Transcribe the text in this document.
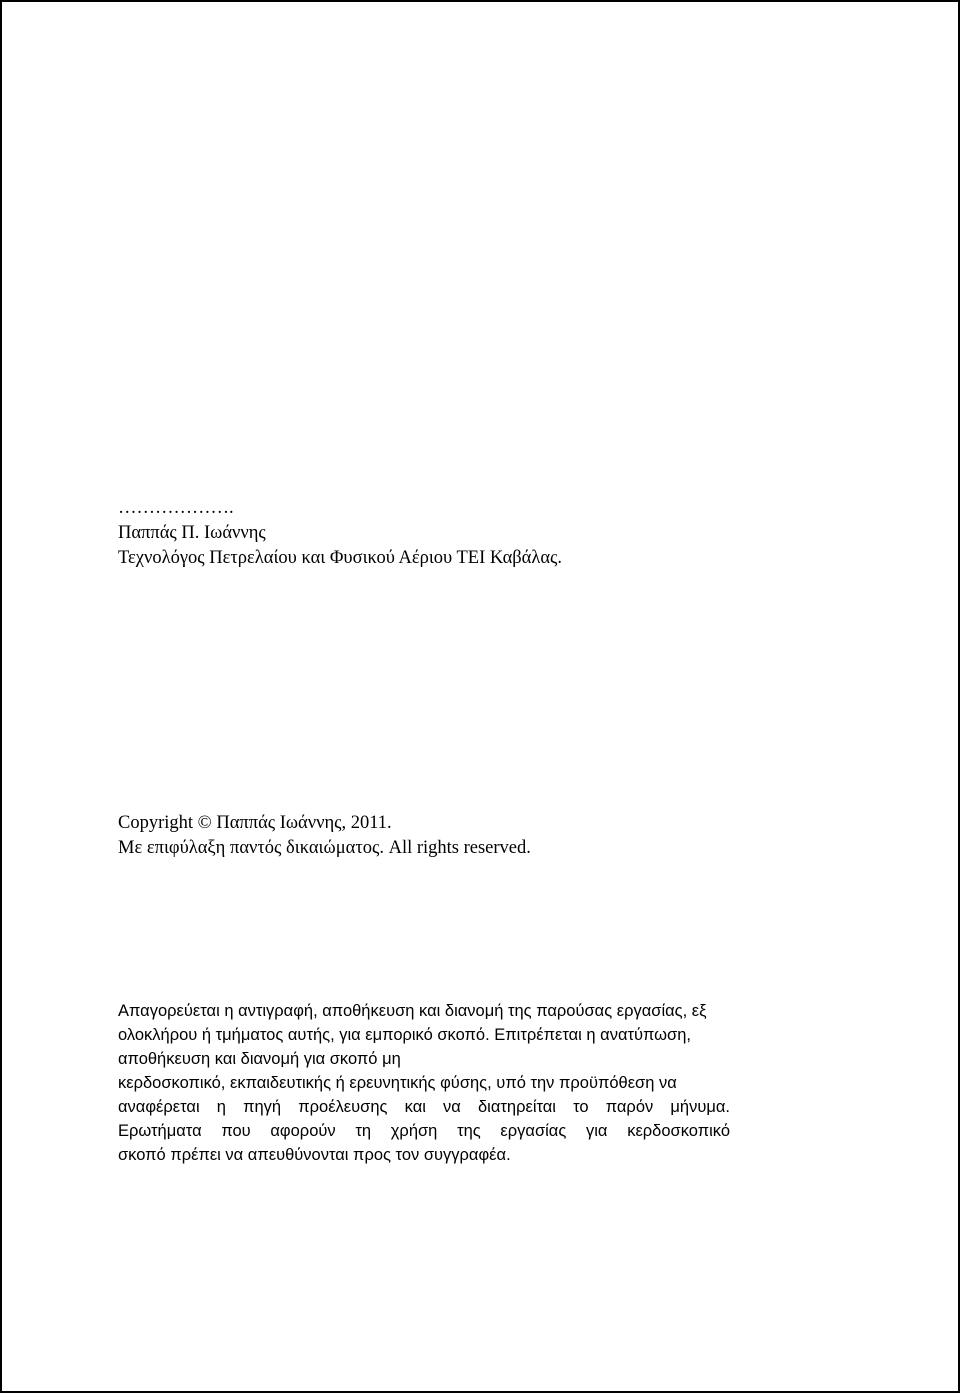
……………….
Παππάς Π. Ιωάννης
Τεχνολόγος Πετρελαίου και Φυσικού Αέριου ΤΕΙ Καβάλας.
Copyright © Παππάς Ιωάννης, 2011.
Με επιφύλαξη παντός δικαιώματος. All rights reserved.
Απαγορεύεται η αντιγραφή, αποθήκευση και διανομή της παρούσας εργασίας, εξ
ολοκλήρου ή τμήματος αυτής, για εμπορικό σκοπό. Επιτρέπεται η ανατύπωση,
αποθήκευση και διανομή για σκοπό μη
κερδοσκοπικό, εκπαιδευτικής ή ερευνητικής φύσης, υπό την προϋπόθεση να
αναφέρεται η πηγή προέλευσης και να διατηρείται το παρόν μήνυμα.
Ερωτήματα που αφορούν τη χρήση της εργασίας για κερδοσκοπικό
σκοπό πρέπει να απευθύνονται προς τον συγγραφέα.
